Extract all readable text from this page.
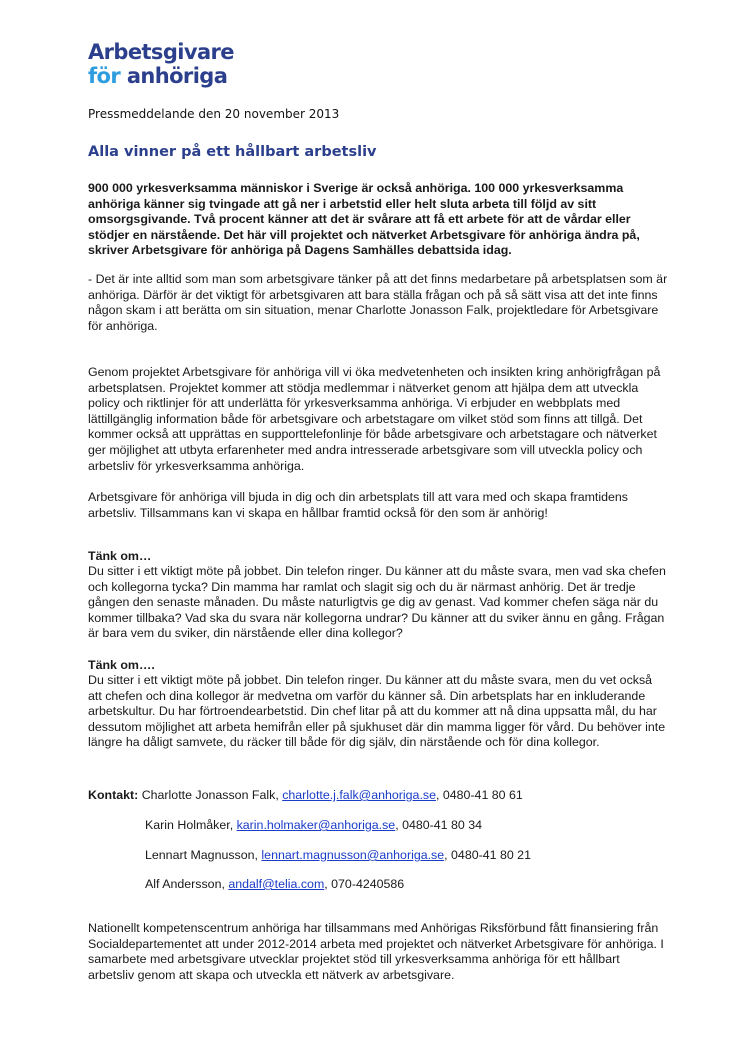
Arbetsgivare
för anhöriga
Pressmeddelande den 20 november 2013
Alla vinner på ett hållbart arbetsliv

900 000 yrkesverksamma människor i Sverige är också anhöriga. 100 000 yrkesverksamma anhöriga känner sig tvingade att gå ner i arbetstid eller helt sluta arbeta till följd av sitt omsorgsgivande. Två procent känner att det är svårare att få ett arbete för att de vårdar eller stödjer en närstående. Det här vill projektet och nätverket Arbetsgivare för anhöriga ändra på, skriver Arbetsgivare för anhöriga på Dagens Samhälles debattsida idag.

- Det är inte alltid som man som arbetsgivare tänker på att det finns medarbetare på arbetsplatsen som är anhöriga. Därför är det viktigt för arbetsgivaren att bara ställa frågan och på så sätt visa att det inte finns någon skam i att berätta om sin situation, menar Charlotte Jonasson Falk, projektledare för Arbetsgivare för anhöriga.

Genom projektet Arbetsgivare för anhöriga vill vi öka medvetenheten och insikten kring anhörigfrågan på arbetsplatsen. Projektet kommer att stödja medlemmar i nätverket genom att hjälpa dem att utveckla policy och riktlinjer för att underlätta för yrkesverksamma anhöriga. Vi erbjuder en webbplats med lättillgänglig information både för arbetsgivare och arbetstagare om vilket stöd som finns att tillgå. Det kommer också att upprättas en supporttelefonlinje för både arbetsgivare och arbetstagare och nätverket ger möjlighet att utbyta erfarenheter med andra intresserade arbetsgivare som vill utveckla policy och arbetsliv för yrkesverksamma anhöriga.

Arbetsgivare för anhöriga vill bjuda in dig och din arbetsplats till att vara med och skapa framtidens arbetsliv. Tillsammans kan vi skapa en hållbar framtid också för den som är anhörig!

Tänk om…

Du sitter i ett viktigt möte på jobbet. Din telefon ringer. Du känner att du måste svara, men vad ska chefen och kollegorna tycka? Din mamma har ramlat och slagit sig och du är närmast anhörig. Det är tredje gången den senaste månaden. Du måste naturligtvis ge dig av genast. Vad kommer chefen säga när du kommer tillbaka? Vad ska du svara när kollegorna undrar? Du känner att du sviker ännu en gång. Frågan är bara vem du sviker, din närstående eller dina kollegor?

Tänk om….

Du sitter i ett viktigt möte på jobbet. Din telefon ringer. Du känner att du måste svara, men du vet också att chefen och dina kollegor är medvetna om varför du känner så. Din arbetsplats har en inkluderande arbetskultur. Du har förtroendearbetstid. Din chef litar på att du kommer att nå dina uppsatta mål, du har dessutom möjlighet att arbeta hemifrån eller på sjukhuset där din mamma ligger för vård. Du behöver inte längre ha dåligt samvete, du räcker till både för dig själv, din närstående och för dina kollegor.

Kontakt: Charlotte Jonasson Falk, charlotte.j.falk@anhoriga.se, 0480-41 80 61
Karin Holmåker, karin.holmaker@anhoriga.se, 0480-41 80 34
Lennart Magnusson, lennart.magnusson@anhoriga.se, 0480-41 80 21
Alf Andersson, andalf@telia.com, 070-4240586

Nationellt kompetenscentrum anhöriga har tillsammans med Anhörigas Riksförbund fått finansiering från Socialdepartementet att under 2012-2014 arbeta med projektet och nätverket Arbetsgivare för anhöriga. I samarbete med arbetsgivare utvecklar projektet stöd till yrkesverksamma anhöriga för ett hållbart arbetsliv genom att skapa och utveckla ett nätverk av arbetsgivare.
